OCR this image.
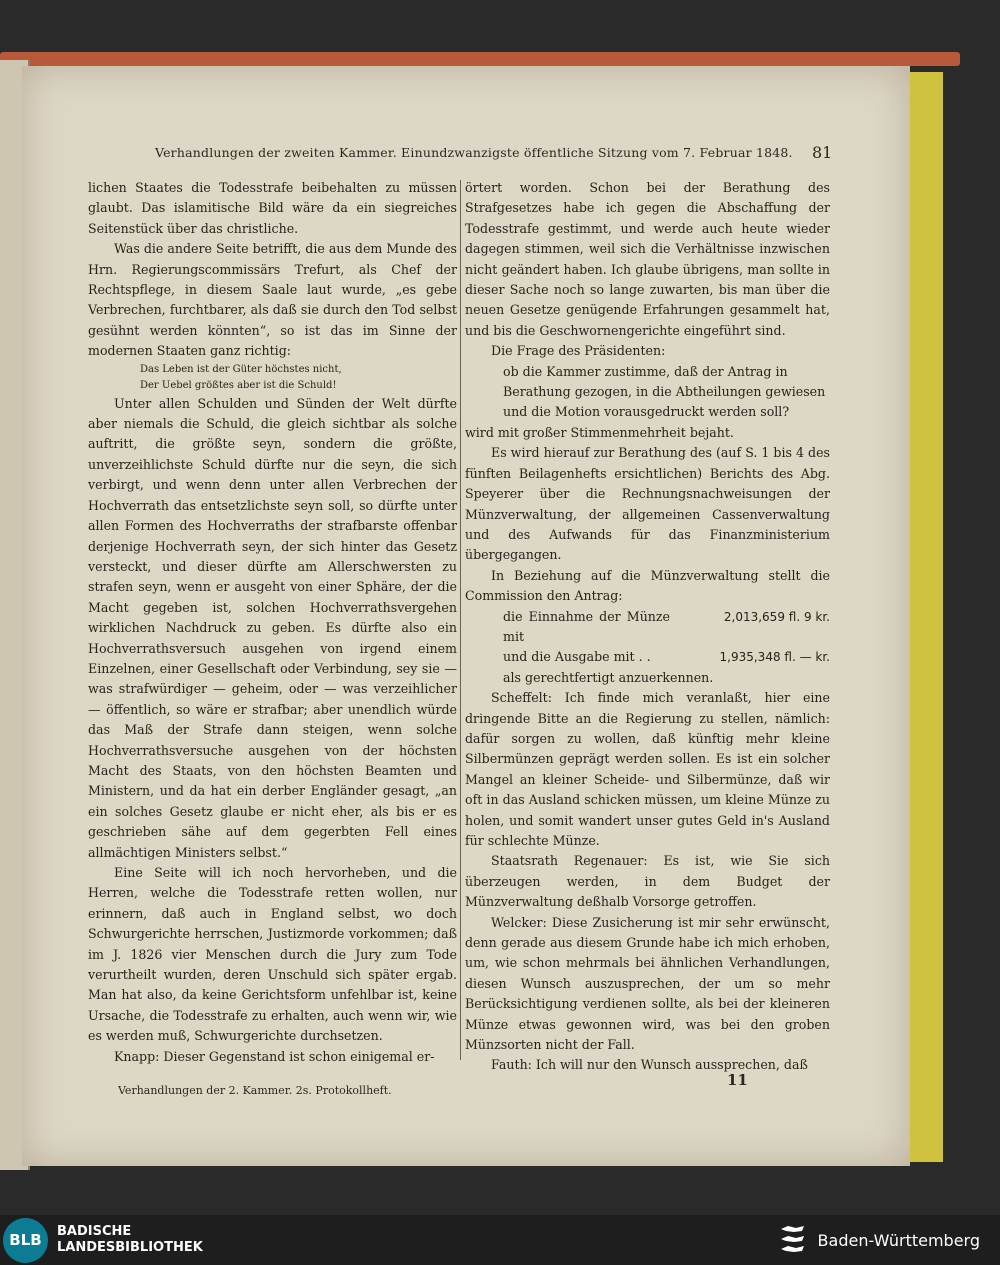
Verhandlungen der zweiten Kammer. Einundzwanzigste öffentliche Sitzung vom 7. Februar 1848. 81

lichen Staates die Todesstrafe beibehalten zu müssen glaubt. Das islamitische Bild wäre da ein siegreiches Seitenstück über das christliche.

Was die andere Seite betrifft, die aus dem Munde des Hrn. Regierungscommissärs Trefurt, als Chef der Rechtspflege, in diesem Saale laut wurde, „es gebe Verbrechen, furchtbarer, als daß sie durch den Tod selbst gesühnt werden könnten“, so ist das im Sinne der modernen Staaten ganz richtig:

Das Leben ist der Güter höchstes nicht,

Der Uebel größtes aber ist die Schuld!

Unter allen Schulden und Sünden der Welt dürfte aber niemals die Schuld, die gleich sichtbar als solche auftritt, die größte seyn, sondern die größte, unverzeihlichste Schuld dürfte nur die seyn, die sich verbirgt, und wenn denn unter allen Verbrechen der Hochverrath das entsetzlichste seyn soll, so dürfte unter allen Formen des Hochverraths der strafbarste offenbar derjenige Hochverrath seyn, der sich hinter das Gesetz versteckt, und dieser dürfte am Allerschwersten zu strafen seyn, wenn er ausgeht von einer Sphäre, der die Macht gegeben ist, solchen Hochverrathsvergehen wirklichen Nachdruck zu geben. Es dürfte also ein Hochverrathsversuch ausgehen von irgend einem Einzelnen, einer Gesellschaft oder Verbindung, sey sie — was strafwürdiger — geheim, oder — was verzeihlicher — öffentlich, so wäre er strafbar; aber unendlich würde das Maß der Strafe dann steigen, wenn solche Hochverrathsversuche ausgehen von der höchsten Macht des Staats, von den höchsten Beamten und Ministern, und da hat ein derber Engländer gesagt, „an ein solches Gesetz glaube er nicht eher, als bis er es geschrieben sähe auf dem gegerbten Fell eines allmächtigen Ministers selbst.“

Eine Seite will ich noch hervorheben, und die Herren, welche die Todesstrafe retten wollen, nur erinnern, daß auch in England selbst, wo doch Schwurgerichte herrschen, Justizmorde vorkommen; daß im J. 1826 vier Menschen durch die Jury zum Tode verurtheilt wurden, deren Unschuld sich später ergab. Man hat also, da keine Gerichtsform unfehlbar ist, keine Ursache, die Todesstrafe zu erhalten, auch wenn wir, wie es werden muß, Schwurgerichte durchsetzen.

Knapp: Dieser Gegenstand ist schon einigemal er-

örtert worden. Schon bei der Berathung des Strafgesetzes habe ich gegen die Abschaffung der Todesstrafe gestimmt, und werde auch heute wieder dagegen stimmen, weil sich die Verhältnisse inzwischen nicht geändert haben. Ich glaube übrigens, man sollte in dieser Sache noch so lange zuwarten, bis man über die neuen Gesetze genügende Erfahrungen gesammelt hat, und bis die Geschwornengerichte eingeführt sind.

Die Frage des Präsidenten:

ob die Kammer zustimme, daß der Antrag in Berathung gezogen, in die Abtheilungen gewiesen und die Motion vorausgedruckt werden soll?

wird mit großer Stimmenmehrheit bejaht.

Es wird hierauf zur Berathung des (auf S. 1 bis 4 des fünften Beilagenhefts ersichtlichen) Berichts des Abg. Speyerer über die Rechnungsnachweisungen der Münzverwaltung, der allgemeinen Cassenverwaltung und des Aufwands für das Finanzministerium übergegangen.

In Beziehung auf die Münzverwaltung stellt die Commission den Antrag:

die Einnahme der Münze mit
2,013,659 fl. 9 kr.
und die Ausgabe mit . .	1,935,348 fl. — kr.

als gerechtfertigt anzuerkennen.

Scheffelt: Ich finde mich veranlaßt, hier eine dringende Bitte an die Regierung zu stellen, nämlich: dafür sorgen zu wollen, daß künftig mehr kleine Silbermünzen geprägt werden sollen. Es ist ein solcher Mangel an kleiner Scheide- und Silbermünze, daß wir oft in das Ausland schicken müssen, um kleine Münze zu holen, und somit wandert unser gutes Geld in's Ausland für schlechte Münze.

Staatsrath Regenauer: Es ist, wie Sie sich überzeugen werden, in dem Budget der Münzverwaltung deßhalb Vorsorge getroffen.

Welcker: Diese Zusicherung ist mir sehr erwünscht, denn gerade aus diesem Grunde habe ich mich erhoben, um, wie schon mehrmals bei ähnlichen Verhandlungen, diesen Wunsch auszusprechen, der um so mehr Berücksichtigung verdienen sollte, als bei der kleineren Münze etwas gewonnen wird, was bei den groben Münzsorten nicht der Fall.

Fauth: Ich will nur den Wunsch aussprechen, daß

Verhandlungen der 2. Kammer. 2s. Protokollheft.
11
BLB	BADISCHE
LANDESBIBLIOTHEK	Baden-Württemberg
